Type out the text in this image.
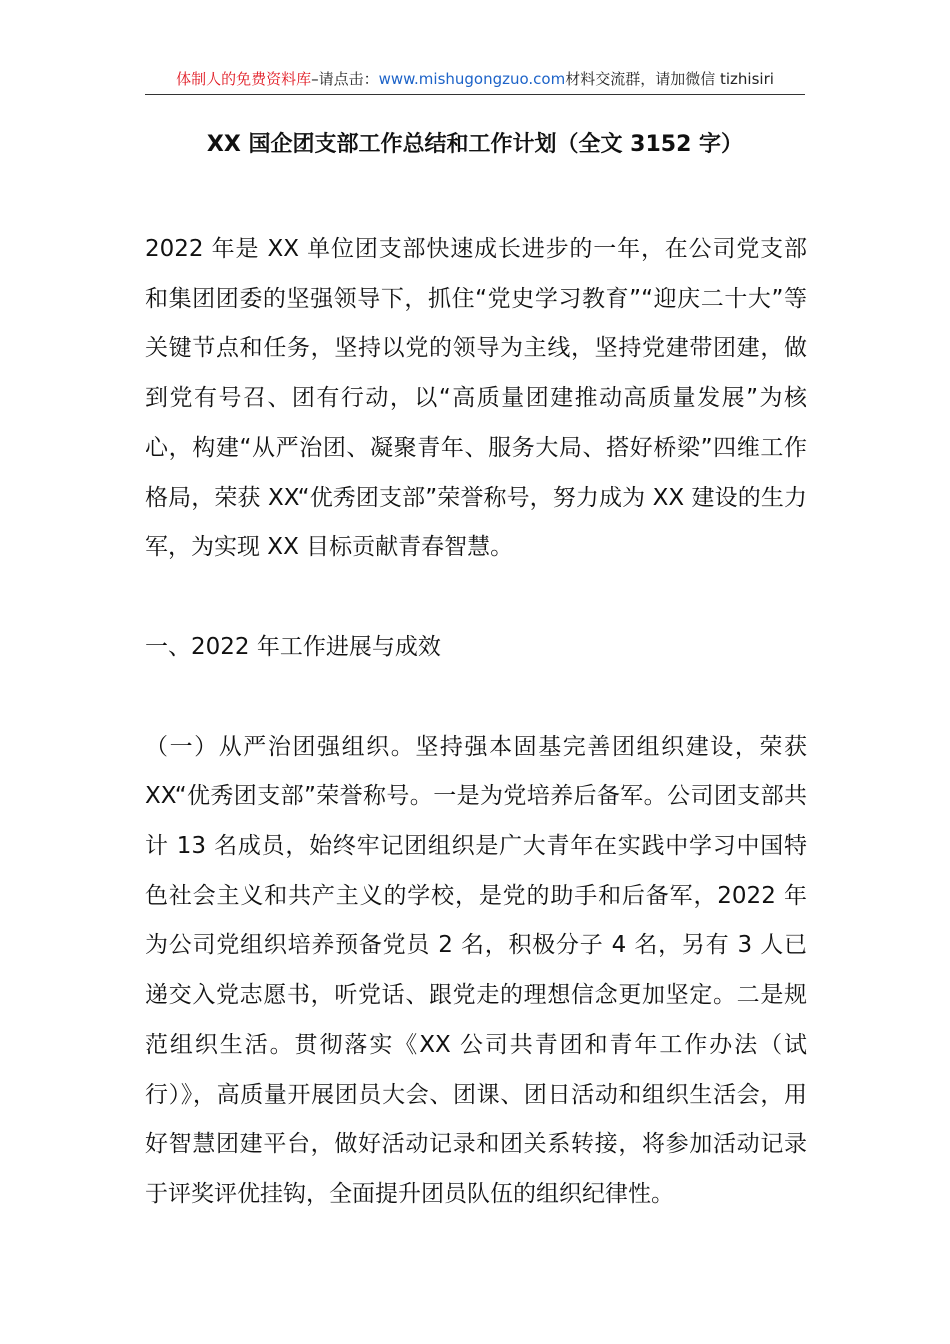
体制人的免费资料库–请点击：www.mishugongzuo.com材料交流群，请加微信 tizhisiri
XX 国企团支部工作总结和工作计划（全文 3152 字）

2022 年是 XX 单位团支部快速成长进步的一年，在公司党支部和集团团委的坚强领导下，抓住“党史学习教育”“迎庆二十大”等关键节点和任务，坚持以党的领导为主线，坚持党建带团建，做到党有号召、团有行动，以“高质量团建推动高质量发展”为核心，构建“从严治团、凝聚青年、服务大局、搭好桥梁”四维工作格局，荣获 XX“优秀团支部”荣誉称号，努力成为 XX 建设的生力军，为实现 XX 目标贡献青春智慧。

一、2022 年工作进展与成效

（一）从严治团强组织。坚持强本固基完善团组织建设，荣获 XX“优秀团支部”荣誉称号。一是为党培养后备军。公司团支部共计 13 名成员，始终牢记团组织是广大青年在实践中学习中国特色社会主义和共产主义的学校，是党的助手和后备军，2022 年为公司党组织培养预备党员 2 名，积极分子 4 名，另有 3 人已递交入党志愿书，听党话、跟党走的理想信念更加坚定。二是规范组织生活。贯彻落实《XX 公司共青团和青年工作办法（试行）》，高质量开展团员大会、团课、团日活动和组织生活会，用好智慧团建平台，做好活动记录和团关系转接，将参加活动记录于评奖评优挂钩，全面提升团员队伍的组织纪律性。
